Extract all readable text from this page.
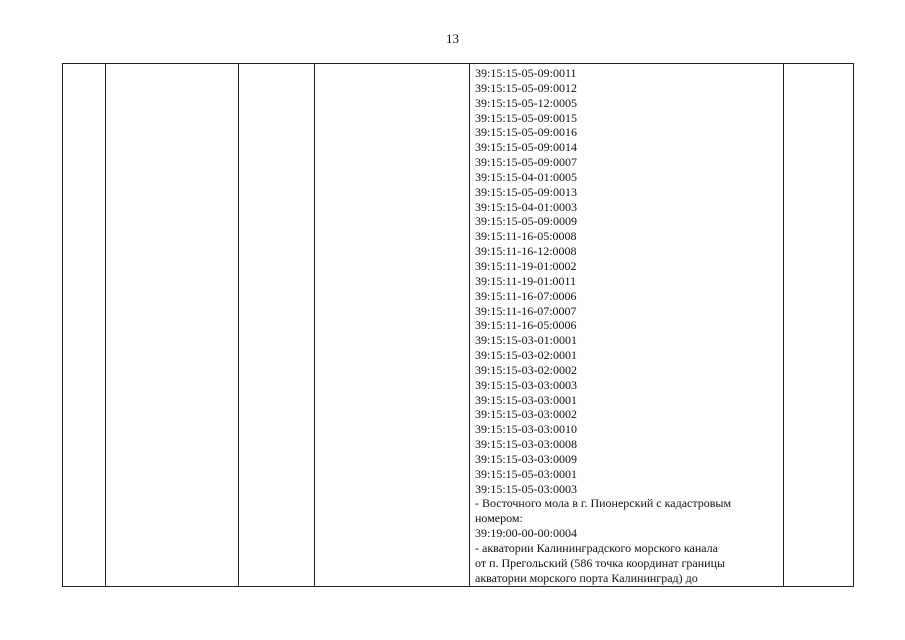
13

39:15:15-05-09:0011
39:15:15-05-09:0012
39:15:15-05-12:0005
39:15:15-05-09:0015
39:15:15-05-09:0016
39:15:15-05-09:0014
39:15:15-05-09:0007
39:15:15-04-01:0005
39:15:15-05-09:0013
39:15:15-04-01:0003
39:15:15-05-09:0009
39:15:11-16-05:0008
39:15:11-16-12:0008
39:15:11-19-01:0002
39:15:11-19-01:0011
39:15:11-16-07:0006
39:15:11-16-07:0007
39:15:11-16-05:0006
39:15:15-03-01:0001
39:15:15-03-02:0001
39:15:15-03-02:0002
39:15:15-03-03:0003
39:15:15-03-03:0001
39:15:15-03-03:0002
39:15:15-03-03:0010
39:15:15-03-03:0008
39:15:15-03-03:0009
39:15:15-05-03:0001
39:15:15-05-03:0003
- Восточного мола в г. Пионерский с кадастровым
номером:
39:19:00-00-00:0004
- акватории Калининградского морского канала
от п. Прегольский (586 точка координат границы
акватории морского порта Калининград) до
